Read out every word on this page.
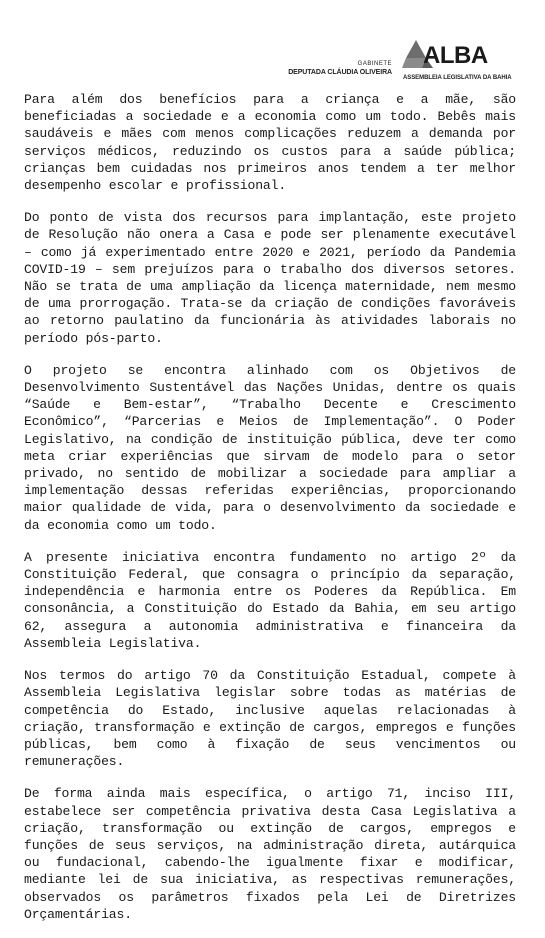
GABINETE
DEPUTADA CLÁUDIA OLIVEIRA
ALBA
ASSEMBLEIA LEGISLATIVA DA BAHIA

Para além dos benefícios para a criança e a mãe, são beneficiadas a sociedade e a economia como um todo. Bebês mais saudáveis e mães com menos complicações reduzem a demanda por serviços médicos, reduzindo os custos para a saúde pública; crianças bem cuidadas nos primeiros anos tendem a ter melhor desempenho escolar e profissional.

Do ponto de vista dos recursos para implantação, este projeto de Resolução não onera a Casa e pode ser plenamente executável – como já experimentado entre 2020 e 2021, período da Pandemia COVID-19 – sem prejuízos para o trabalho dos diversos setores. Não se trata de uma ampliação da licença maternidade, nem mesmo de uma prorrogação. Trata-se da criação de condições favoráveis ao retorno paulatino da funcionária às atividades laborais no período pós-parto.

O projeto se encontra alinhado com os Objetivos de Desenvolvimento Sustentável das Nações Unidas, dentre os quais “Saúde e Bem-estar”, “Trabalho Decente e Crescimento Econômico”, “Parcerias e Meios de Implementação”. O Poder Legislativo, na condição de instituição pública, deve ter como meta criar experiências que sirvam de modelo para o setor privado, no sentido de mobilizar a sociedade para ampliar a implementação dessas referidas experiências, proporcionando maior qualidade de vida, para o desenvolvimento da sociedade e da economia como um todo.

A presente iniciativa encontra fundamento no artigo 2º da Constituição Federal, que consagra o princípio da separação, independência e harmonia entre os Poderes da República. Em consonância, a Constituição do Estado da Bahia, em seu artigo 62, assegura a autonomia administrativa e financeira da Assembleia Legislativa.

Nos termos do artigo 70 da Constituição Estadual, compete à Assembleia Legislativa legislar sobre todas as matérias de competência do Estado, inclusive aquelas relacionadas à criação, transformação e extinção de cargos, empregos e funções públicas, bem como à fixação de seus vencimentos ou remunerações.

De forma ainda mais específica, o artigo 71, inciso III, estabelece ser competência privativa desta Casa Legislativa a criação, transformação ou extinção de cargos, empregos e funções de seus serviços, na administração direta, autárquica ou fundacional, cabendo-lhe igualmente fixar e modificar, mediante lei de sua iniciativa, as respectivas remunerações, observados os parâmetros fixados pela Lei de Diretrizes Orçamentárias.
